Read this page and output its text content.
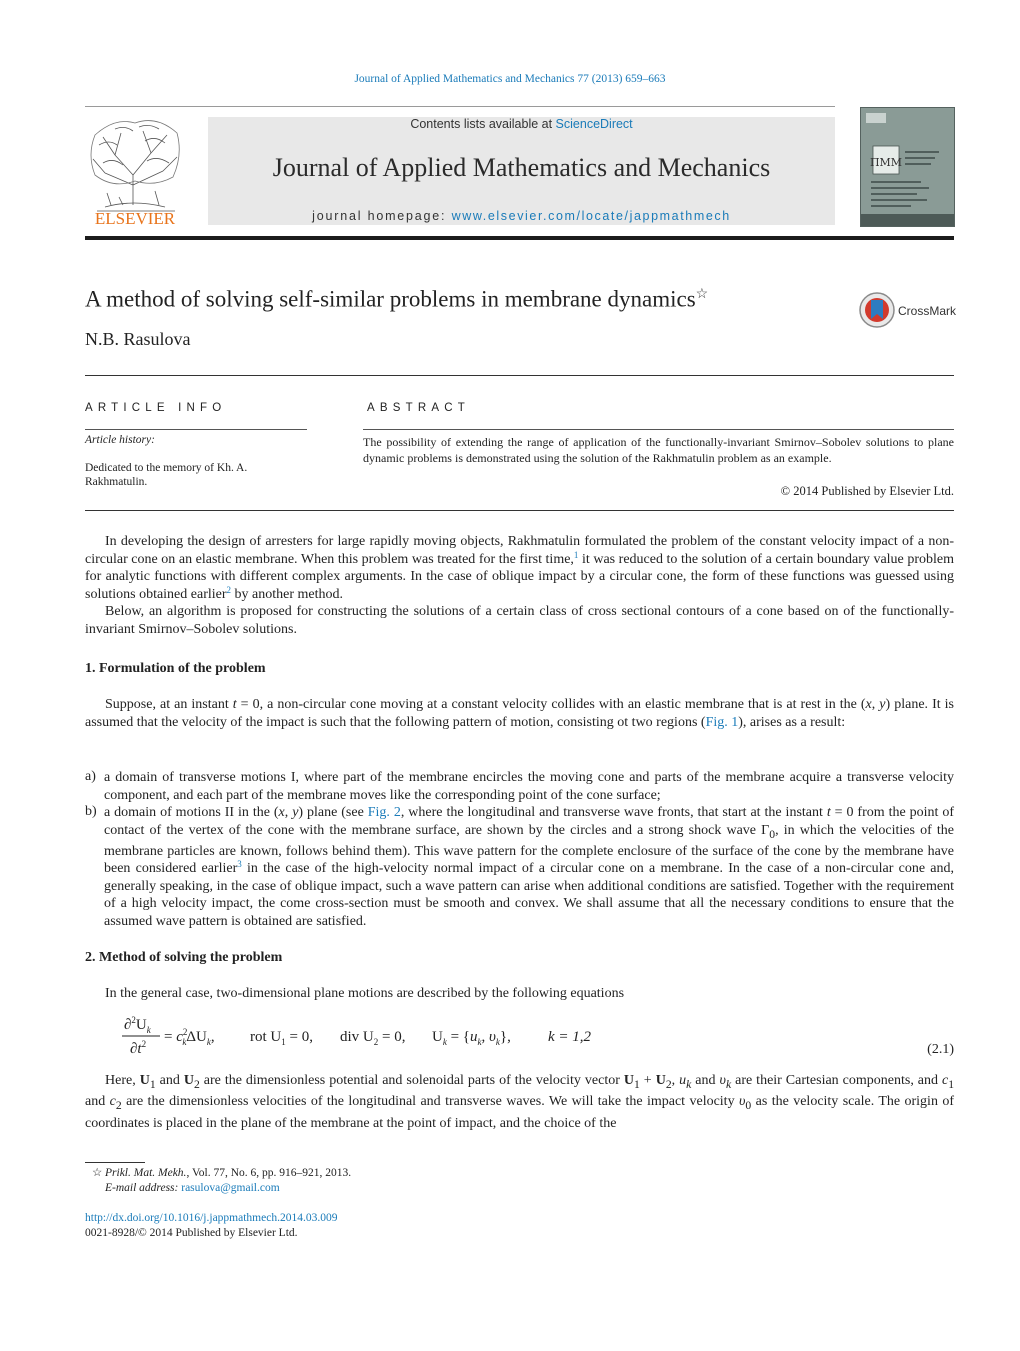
Journal of Applied Mathematics and Mechanics 77 (2013) 659–663
ELSEVIER
Contents lists available at ScienceDirect
Journal of Applied Mathematics and Mechanics
journal homepage: www.elsevier.com/locate/jappmathmech
ПММ
A method of solving self-similar problems in membrane dynamics☆
N.B. Rasulova
CrossMark
ARTICLE INFO
Article history:
Dedicated to the memory of Kh. A.
Rakhmatulin.
ABSTRACT
The possibility of extending the range of application of the functionally-invariant Smirnov–Sobolev solutions to plane dynamic problems is demonstrated using the solution of the Rakhmatulin problem as an example.
© 2014 Published by Elsevier Ltd.

In developing the design of arresters for large rapidly moving objects, Rakhmatulin formulated the problem of the constant velocity impact of a non-circular cone on an elastic membrane. When this problem was treated for the first time,$^1$ it was reduced to the solution of a certain boundary value problem for analytic functions with different complex arguments. In the case of oblique impact by a circular cone, the form of these functions was guessed using solutions obtained earlier$^2$ by another method.

Below, an algorithm is proposed for constructing the solutions of a certain class of cross sectional contours of a cone based on of the functionally-invariant Smirnov–Sobolev solutions.

1. Formulation of the problem

Suppose, at an instant t = 0, a non-circular cone moving at a constant velocity collides with an elastic membrane that is at rest in the (x, y) plane. It is assumed that the velocity of the impact is such that the following pattern of motion, consisting ot two regions (Fig. 1), arises as a result:

a) a domain of transverse motions I, where part of the membrane encircles the moving cone and parts of the membrane acquire a transverse velocity component, and each part of the membrane moves like the corresponding point of the cone surface;
b) a domain of motions II in the (x, y) plane (see Fig. 2, where the longitudinal and transverse wave fronts, that start at the instant t = 0 from the point of contact of the vertex of the cone with the membrane surface, are shown by the circles and a strong shock wave $\Gamma_0$, in which the velocities of the membrane particles are known, follows behind them). This wave pattern for the complete enclosure of the surface of the cone by the membrane have been considered earlier$^3$ in the case of the high-velocity normal impact of a circular cone on a membrane. In the case of a non-circular cone and, generally speaking, in the case of oblique impact, such a wave pattern can arise when additional conditions are satisfied. Together with the requirement of a high velocity impact, the come cross-section must be smooth and convex. We shall assume that all the necessary conditions to ensure that the assumed wave pattern is obtained are satisfied.
2. Method of solving the problem

In the general case, two-dimensional plane motions are described by the following equations

$\partial^2U_k$
$\partial t^2 = c^2$ kΔU$_k$, rot $U_1 = 0$, div $U_2 = 0$, $U_k = \{u_k$, $\upsilon_k$}, k = 1,2
(2.1)

Here, $U_1$ and $U_2$ are the dimensionless potential and solenoidal parts of the velocity vector $U_1 + U_2$, $u_k$ and $\upsilon_k$ are their Cartesian components, and $c_1$ and $c_2$ are the dimensionless velocities of the longitudinal and transverse waves. We will take the impact velocity $\upsilon_0$ as the velocity scale. The origin of coordinates is placed in the plane of the membrane at the point of impact, and the choice of the

☆ Prikl. Mat. Mekh., Vol. 77, No. 6, pp. 916–921, 2013.
E-mail address: rasulova@gmail.com
http://dx.doi.org/10.1016/j.jappmathmech.2014.03.009
0021-8928/© 2014 Published by Elsevier Ltd.
